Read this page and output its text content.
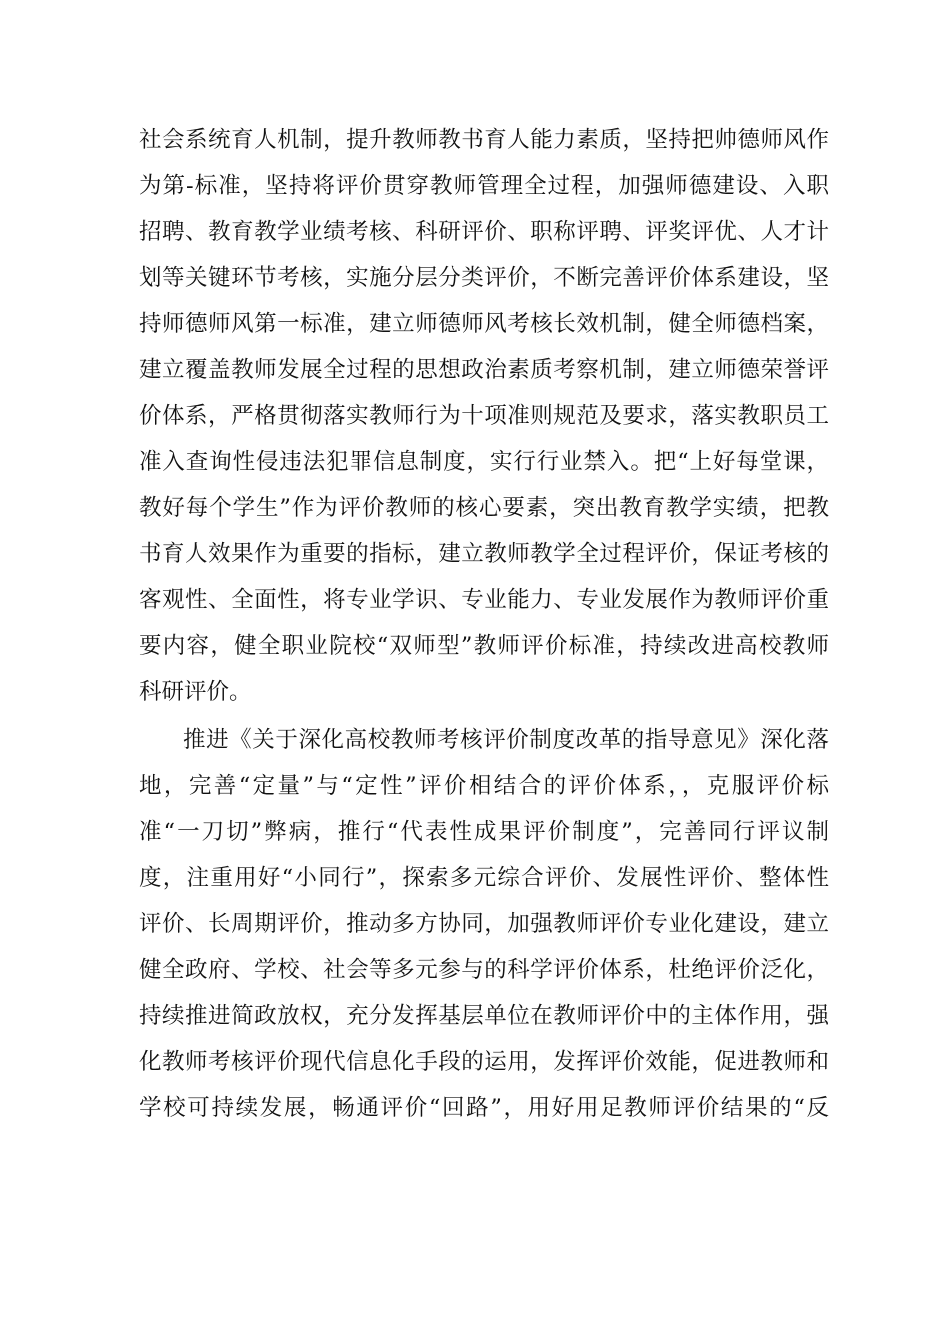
社会系统育人机制，提升教师教书育人能力素质，坚持把帅德师风作
为第-标准，坚持将评价贯穿教师管理全过程，加强师德建设、入职
招聘、教育教学业绩考核、科研评价、职称评聘、评奖评优、人才计
划等关键环节考核，实施分层分类评价，不断完善评价体系建设，坚
持师德师风第一标准，建立师德师风考核长效机制，健全师德档案，
建立覆盖教师发展全过程的思想政治素质考察机制，建立师德荣誉评
价体系，严格贯彻落实教师行为十项准则规范及要求，落实教职员工
准入查询性侵违法犯罪信息制度，实行行业禁入。把“上好每堂课，
教好每个学生”作为评价教师的核心要素，突出教育教学实绩，把教
书育人效果作为重要的指标，建立教师教学全过程评价，保证考核的
客观性、全面性，将专业学识、专业能力、专业发展作为教师评价重
要内容，健全职业院校“双师型”教师评价标准，持续改进高校教师
科研评价。
推进《关于深化高校教师考核评价制度改革的指导意见》深化落
地，完善“定量”与“定性”评价相结合的评价体系，，克服评价标
准“一刀切”弊病，推行“代表性成果评价制度”，完善同行评议制
度，注重用好“小同行”，探索多元综合评价、发展性评价、整体性
评价、长周期评价，推动多方协同，加强教师评价专业化建设，建立
健全政府、学校、社会等多元参与的科学评价体系，杜绝评价泛化，
持续推进简政放权，充分发挥基层单位在教师评价中的主体作用，强
化教师考核评价现代信息化手段的运用，发挥评价效能，促进教师和
学校可持续发展，畅通评价“回路”，用好用足教师评价结果的“反
